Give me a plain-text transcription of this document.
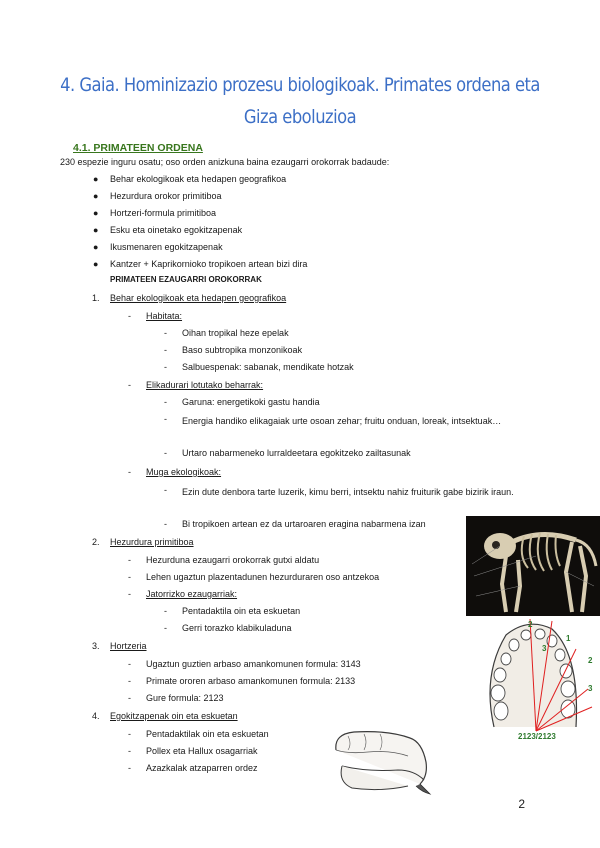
4. Gaia. Hominizazio prozesu biologikoak. Primates ordena eta
Giza eboluzioa
4.1. PRIMATEEN ORDENA
230 espezie inguru osatu; oso orden anizkuna baina ezaugarri orokorrak badaude:
● Behar ekologikoak eta hedapen geografikoa
● Hezurdura orokor primitiboa
● Hortzeri-formula primitiboa
● Esku eta oinetako egokitzapenak
● Ikusmenaren egokitzapenak
● Kantzer + Kaprikornioko tropikoen artean bizi dira
PRIMATEEN EZAUGARRI OROKORRAK
1. Behar ekologikoak eta hedapen geografikoa
- Habitata:
- Oihan tropikal heze epelak
- Baso subtropika monzonikoak
- Salbuespenak: sabanak, mendikate hotzak
- Elikadurari lotutako beharrak:
- Garuna: energetikoki gastu handia
- Energia handiko elikagaiak urte osoan zehar; fruitu onduan, loreak, intsektuak…
- Urtaro nabarmeneko lurraldeetara egokitzeko zailtasunak
- Muga ekologikoak:
- Ezin dute denbora tarte luzerik, kimu berri, intsektu nahiz fruiturik gabe bizirik iraun.
- Bi tropikoen artean ez da urtaroaren eragina nabarmena izan
2. Hezurdura primitiboa
- Hezurduna ezaugarri orokorrak gutxi aldatu
- Lehen ugaztun plazentadunen hezurduraren oso antzekoa
- Jatorrizko ezaugarriak:
- Pentadaktila oin eta eskuetan
- Gerri torazko klabikuladuna
3. Hortzeria
- Ugaztun guztien arbaso amankomunen formula: 3143
- Primate ororen arbaso amankomunen formula: 2133
- Gure formula: 2123
4. Egokitzapenak oin eta eskuetan
- Pentadaktilak oin eta eskuetan
- Pollex eta Hallux osagarriak
- Azazkalak atzaparren ordez
2
1
3
2
3
2123/2123
2
